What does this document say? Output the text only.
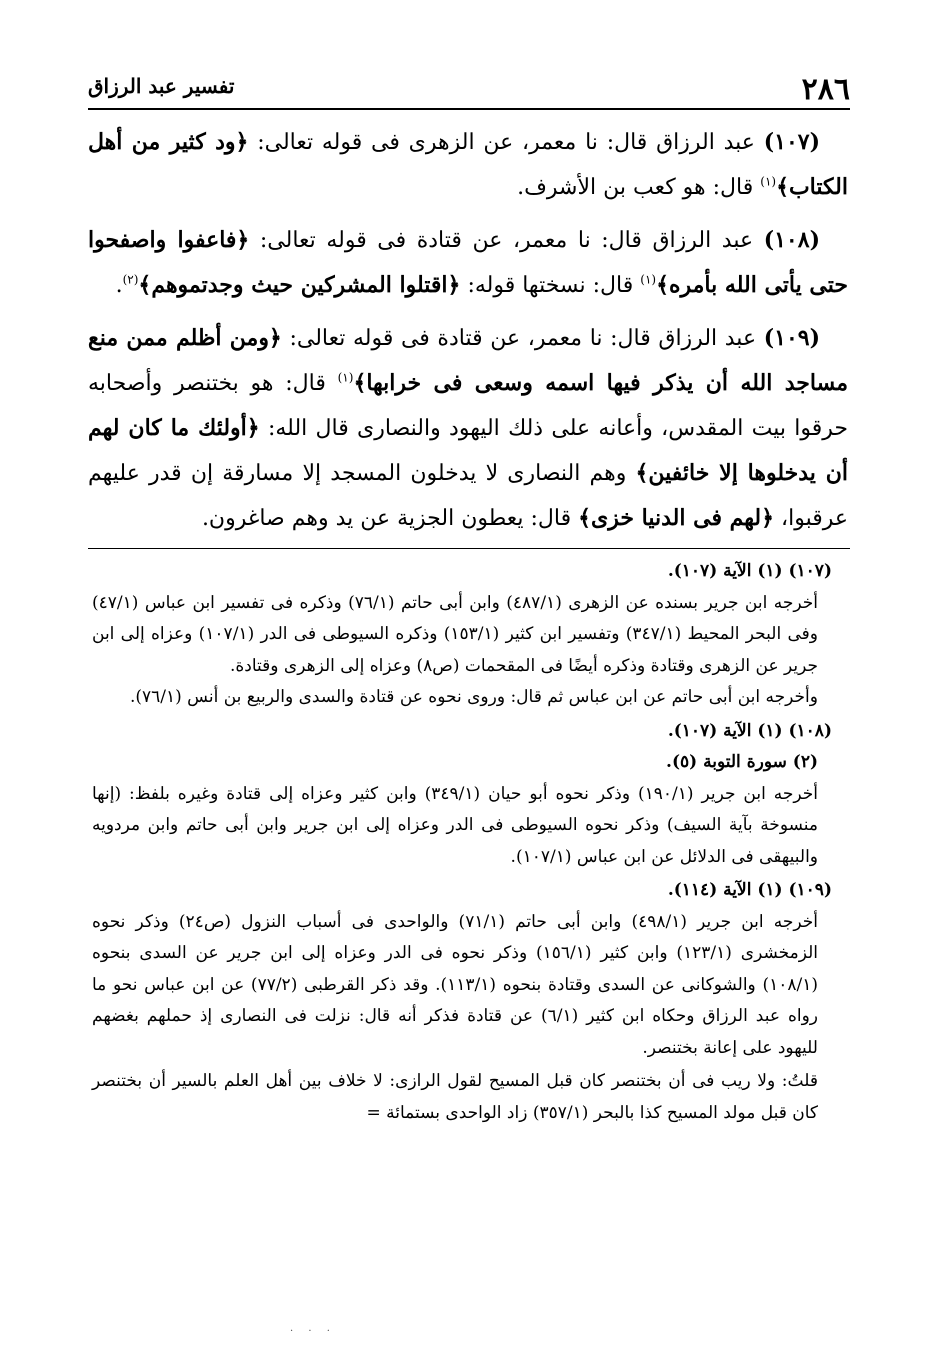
٢٨٦
تفسير عبد الرزاق

(١٠٧) عبد الرزاق قال: نا معمر، عن الزهرى فى قوله تعالى: ﴿ود كثير من أهل الكتاب﴾$^{(١)}$ قال: هو كعب بن الأشرف.

(١٠٨) عبد الرزاق قال: نا معمر، عن قتادة فى قوله تعالى: ﴿فاعفوا واصفحوا حتى يأتى الله بأمره﴾$^{(١)}$ قال: نسختها قوله: ﴿اقتلوا المشركين حيث وجدتموهم﴾$^{(٢)}$.

(١٠٩) عبد الرزاق قال: نا معمر، عن قتادة فى قوله تعالى: ﴿ومن أظلم ممن منع مساجد الله أن يذكر فيها اسمه وسعى فى خرابها﴾$^{(١)}$ قال: هو بختنصر وأصحابه حرقوا بيت المقدس، وأعانه على ذلك اليهود والنصارى قال الله: ﴿أولئك ما كان لهم أن يدخلوها إلا خائفين﴾ وهم النصارى لا يدخلون المسجد إلا مسارقة إن قدر عليهم عرقبوا، ﴿لهم فى الدنيا خزى﴾ قال: يعطون الجزية عن يد وهم صاغرون.

(١٠٧) (١) الآية (١٠٧).

أخرجه ابن جرير بسنده عن الزهرى (٤٨٧/١) وابن أبى حاتم (٧٦/١) وذكره فى تفسير ابن عباس (٤٧/١) وفى البحر المحيط (٣٤٧/١) وتفسير ابن كثير (١٥٣/١) وذكره السيوطى فى الدر (١٠٧/١) وعزاه إلى ابن جرير عن الزهرى وقتادة وذكره أيضًا فى المقحمات (ص٨) وعزاه إلى الزهرى وقتادة.

وأخرجه ابن أبى حاتم عن ابن عباس ثم قال: وروى نحوه عن قتادة والسدى والربيع بن أنس (٧٦/١).

(١٠٨) (١) الآية (١٠٧).

(٢) سورة التوبة (٥).

أخرجه ابن جرير (١٩٠/١) وذكر نحوه أبو حيان (٣٤٩/١) وابن كثير وعزاه إلى قتادة وغيره بلفظ: (إنها منسوخة بآية السيف) وذكر نحوه السيوطى فى الدر وعزاه إلى ابن جرير وابن أبى حاتم وابن مردويه والبيهقى فى الدلائل عن ابن عباس (١٠٧/١).

(١٠٩) (١) الآية (١١٤).

أخرجه ابن جرير (٤٩٨/١) وابن أبى حاتم (٧١/١) والواحدى فى أسباب النزول (ص٢٤) وذكر نحوه الزمخشرى (١٢٣/١) وابن كثير (١٥٦/١) وذكر نحوه فى الدر وعزاه إلى ابن جرير عن السدى بنحوه (١٠٨/١) والشوكانى عن السدى وقتادة بنحوه (١١٣/١). وقد ذكر القرطبى (٧٧/٢) عن ابن عباس نحو ما رواه عبد الرزاق وحكاه ابن كثير (٦/١) عن قتادة فذكر أنه قال: نزلت فى النصارى إذ حملهم بغضهم لليهود على إعانة بختنصر.

قلتُ: ولا ريب فى أن بختنصر كان قبل المسيح لقول الرازى: لا خلاف بين أهل العلم بالسير أن بختنصر كان قبل مولد المسيح كذا بالبحر (٣٥٧/١) زاد الواحدى بستمائة =

· · ·
